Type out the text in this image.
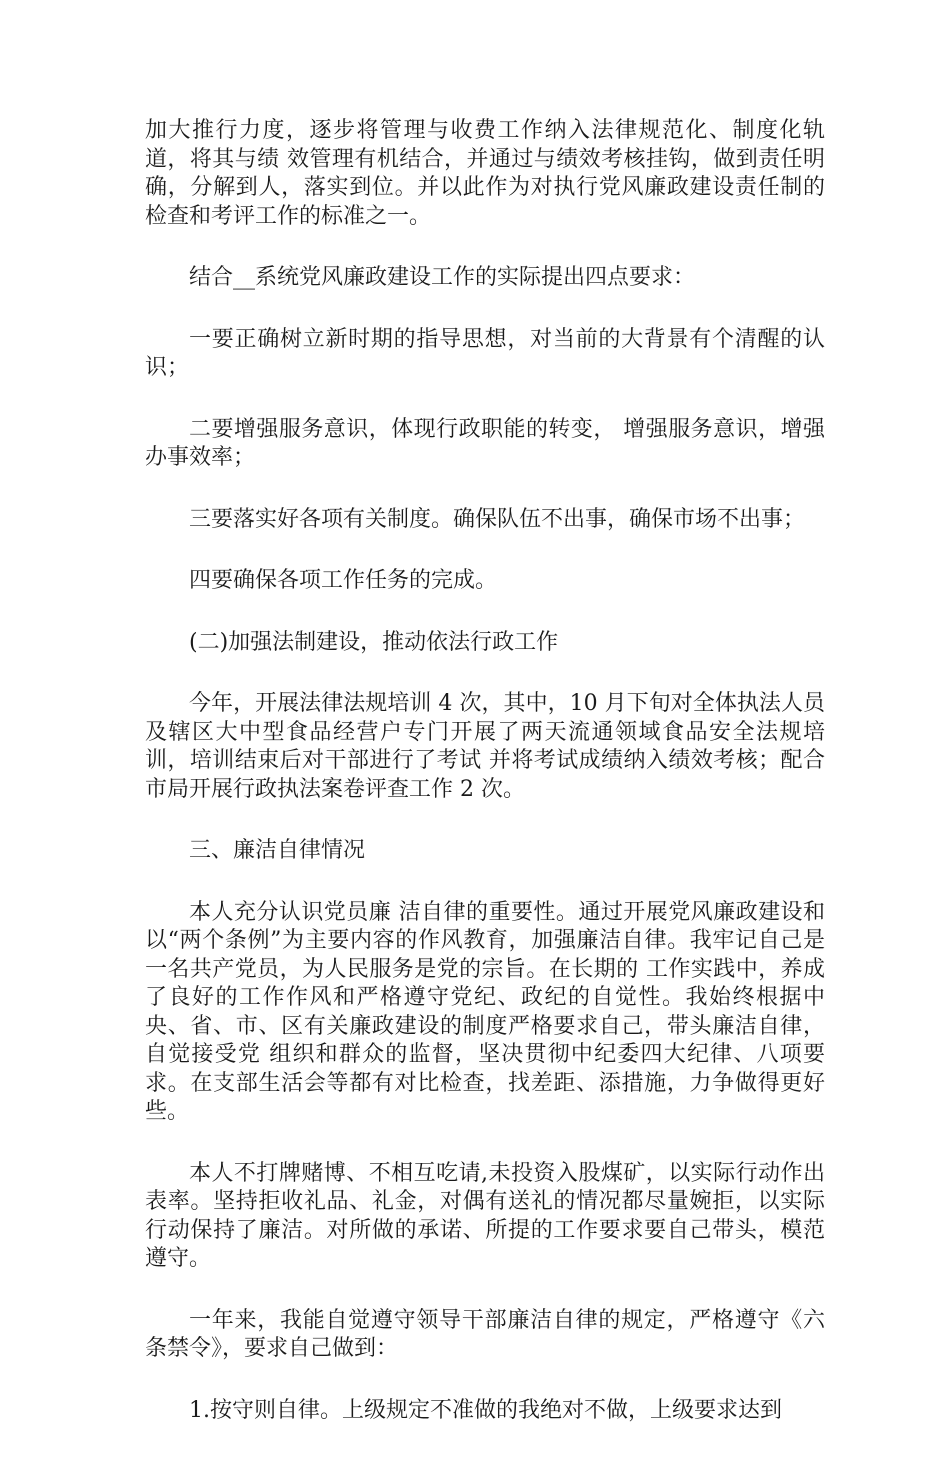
加大推行力度，逐步将管理与收费工作纳入法律规范化、制度化轨道，将其与绩 效管理有机结合，并通过与绩效考核挂钩，做到责任明确，分解到人，落实到位。并以此作为对执行党风廉政建设责任制的检查和考评工作的标准之一。

结合__系统党风廉政建设工作的实际提出四点要求：

一要正确树立新时期的指导思想，对当前的大背景有个清醒的认识；

二要增强服务意识，体现行政职能的转变， 增强服务意识，增强办事效率；

三要落实好各项有关制度。确保队伍不出事，确保市场不出事；

四要确保各项工作任务的完成。

(二)加强法制建设，推动依法行政工作

今年，开展法律法规培训 4 次，其中，10 月下旬对全体执法人员及辖区大中型食品经营户专门开展了两天流通领域食品安全法规培训，培训结束后对干部进行了考试 并将考试成绩纳入绩效考核；配合市局开展行政执法案卷评查工作 2 次。

三、廉洁自律情况

本人充分认识党员廉 洁自律的重要性。通过开展党风廉政建设和以“两个条例”为主要内容的作风教育，加强廉洁自律。我牢记自己是一名共产党员，为人民服务是党的宗旨。在长期的 工作实践中，养成了良好的工作作风和严格遵守党纪、政纪的自觉性。我始终根据中央、省、市、区有关廉政建设的制度严格要求自己，带头廉洁自律，自觉接受党 组织和群众的监督，坚决贯彻中纪委四大纪律、八项要求。在支部生活会等都有对比检查，找差距、添措施，力争做得更好些。

本人不打牌赌博、不相互吃请,未投资入股煤矿，以实际行动作出表率。坚持拒收礼品、礼金，对偶有送礼的情况都尽量婉拒，以实际行动保持了廉洁。对所做的承诺、所提的工作要求要自己带头，模范遵守。

一年来，我能自觉遵守领导干部廉洁自律的规定，严格遵守《六条禁令》，要求自己做到：

1.按守则自律。上级规定不准做的我绝对不做，上级要求达到
